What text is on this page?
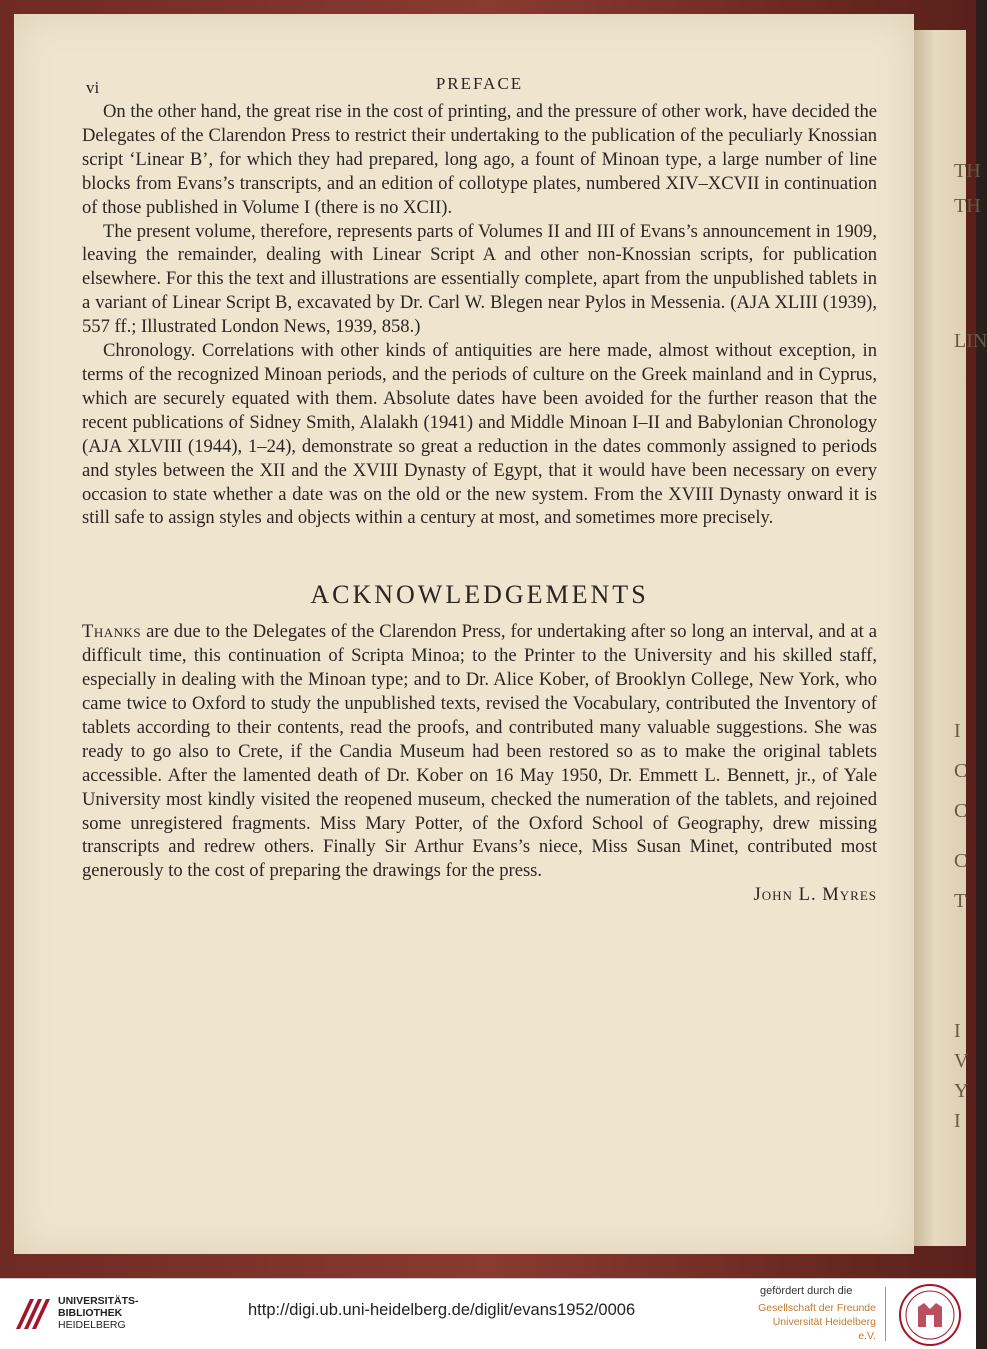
TH
TH
LIN
I
C
C
C
T
I
V
Y
I
vi	PREFACE

On the other hand, the great rise in the cost of printing, and the pressure of other work, have decided the Delegates of the Clarendon Press to restrict their undertaking to the publication of the peculiarly Knossian script ‘Linear B’, for which they had prepared, long ago, a fount of Minoan type, a large number of line blocks from Evans’s transcripts, and an edition of collotype plates, numbered XIV–XCVII in continuation of those published in Volume I (there is no XCII).

The present volume, therefore, represents parts of Volumes II and III of Evans’s announcement in 1909, leaving the remainder, dealing with Linear Script A and other non-Knossian scripts, for publication elsewhere. For this the text and illustrations are essentially complete, apart from the unpublished tablets in a variant of Linear Script B, excavated by Dr. Carl W. Blegen near Pylos in Messenia. (AJA XLIII (1939), 557 ff.; Illustrated London News, 1939, 858.)

Chronology. Correlations with other kinds of antiquities are here made, almost without exception, in terms of the recognized Minoan periods, and the periods of culture on the Greek mainland and in Cyprus, which are securely equated with them. Absolute dates have been avoided for the further reason that the recent publications of Sidney Smith, Alalakh (1941) and Middle Minoan I–II and Babylonian Chronology (AJA XLVIII (1944), 1–24), demonstrate so great a reduction in the dates commonly assigned to periods and styles between the XII and the XVIII Dynasty of Egypt, that it would have been necessary on every occasion to state whether a date was on the old or the new system. From the XVIII Dynasty onward it is still safe to assign styles and objects within a century at most, and sometimes more precisely.

ACKNOWLEDGEMENTS

Thanks are due to the Delegates of the Clarendon Press, for undertaking after so long an interval, and at a difficult time, this continuation of Scripta Minoa; to the Printer to the University and his skilled staff, especially in dealing with the Minoan type; and to Dr. Alice Kober, of Brooklyn College, New York, who came twice to Oxford to study the unpublished texts, revised the Vocabulary, contributed the Inventory of tablets according to their contents, read the proofs, and contributed many valuable suggestions. She was ready to go also to Crete, if the Candia Museum had been restored so as to make the original tablets accessible. After the lamented death of Dr. Kober on 16 May 1950, Dr. Emmett L. Bennett, jr., of Yale University most kindly visited the reopened museum, checked the numeration of the tablets, and rejoined some unregistered fragments. Miss Mary Potter, of the Oxford School of Geography, drew missing transcripts and redrew others. Finally Sir Arthur Evans’s niece, Miss Susan Minet, contributed most generously to the cost of preparing the drawings for the press.

John L. Myres
UNIVERSITÄTS-
BIBLIOTHEK
HEIDELBERG
http://digi.ub.uni-heidelberg.de/diglit/evans1952/0006
gefördert durch die
Gesellschaft der Freunde
Universität Heidelberg e.V.
